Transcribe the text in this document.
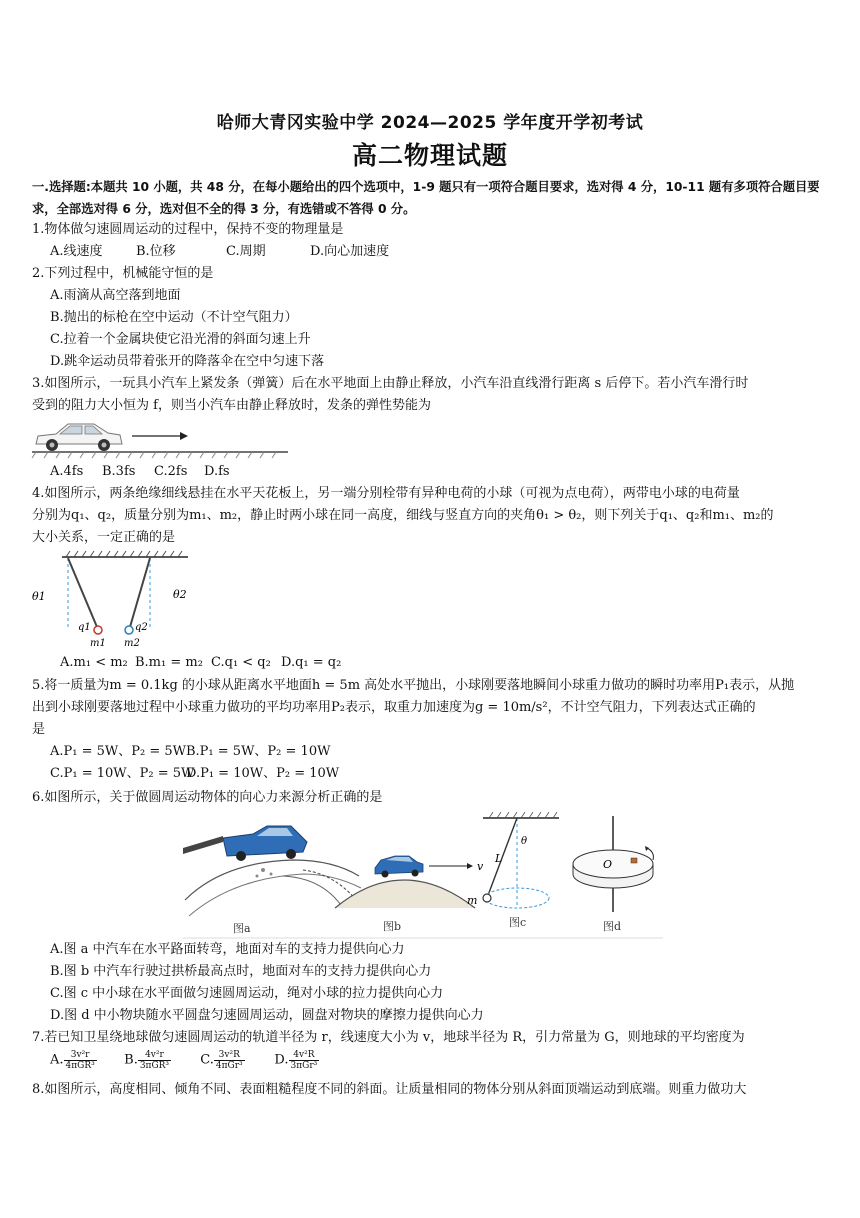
哈师大青冈实验中学 2024—2025 学年度开学初考试
高二物理试题
一.选择题:本题共 10 小题，共 48 分，在每小题给出的四个选项中，1-9 题只有一项符合题目要求，选对得 4 分，10-11 题有多项符合题目要求，全部选对得 6 分，选对但不全的得 3 分，有选错或不答得 0 分。
1.物体做匀速圆周运动的过程中，保持不变的物理量是
A.线速度	B.位移	C.周期	D.向心加速度
2.下列过程中，机械能守恒的是
A.雨滴从高空落到地面
B.抛出的标枪在空中运动（不计空气阻力）
C.拉着一个金属块使它沿光滑的斜面匀速上升
D.跳伞运动员带着张开的降落伞在空中匀速下落
3.如图所示，一玩具小汽车上紧发条（弹簧）后在水平地面上由静止释放，小汽车沿直线滑行距离 s 后停下。若小汽车滑行时
受到的阻力大小恒为 f，则当小汽车由静止释放时，发条的弹性势能为
A.4fs B.3fs C.2fs D.fs
4.如图所示，两条绝缘细线悬挂在水平天花板上，另一端分别栓带有异种电荷的小球（可视为点电荷），两带电小球的电荷量
分别为q₁、q₂，质量分别为m₁、m₂，静止时两小球在同一高度，细线与竖直方向的夹角θ₁ > θ₂，则下列关于q₁、q₂和m₁、m₂的
大小关系，一定正确的是
θ1	θ2
q1	q2
m1 m2
A.m₁ < m₂ B.m₁ = m₂ C.q₁ < q₂ D.q₁ = q₂
5.将一质量为m = 0.1kg 的小球从距离水平地面h = 5m 高处水平抛出，小球刚要落地瞬间小球重力做功的瞬时功率用P₁表示，从抛
出到小球刚要落地过程中小球重力做功的平均功率用P₂表示，取重力加速度为g = 10m/s²，不计空气阻力，下列表达式正确的
是
A.P₁ = 5W、P₂ = 5WB.P₁ = 5W、P₂ = 10W
C.P₁ = 10W、P₂ = 5WD.P₁ = 10W、P₂ = 10W
6.如图所示，关于做圆周运动物体的向心力来源分析正确的是
图a
v
图b
L
θ
m
图c
O
图d
A.图 a 中汽车在水平路面转弯，地面对车的支持力提供向心力
B.图 b 中汽车行驶过拱桥最高点时，地面对车的支持力提供向心力
C.图 c 中小球在水平面做匀速圆周运动，绳对小球的拉力提供向心力
D.图 d 中小物块随水平圆盘匀速圆周运动，圆盘对物块的摩擦力提供向心力
7.若已知卫星绕地球做匀速圆周运动的轨道半径为 r，线速度大小为 v，地球半径为 R，引力常量为 G，则地球的平均密度为
A. 3v²r
4πGR³ B. 4v²r
3πGR³ C. 3v²R
4πGr³ D. 4v²R
3πGr³
8.如图所示，高度相同、倾角不同、表面粗糙程度不同的斜面。让质量相同的物体分别从斜面顶端运动到底端。则重力做功大
